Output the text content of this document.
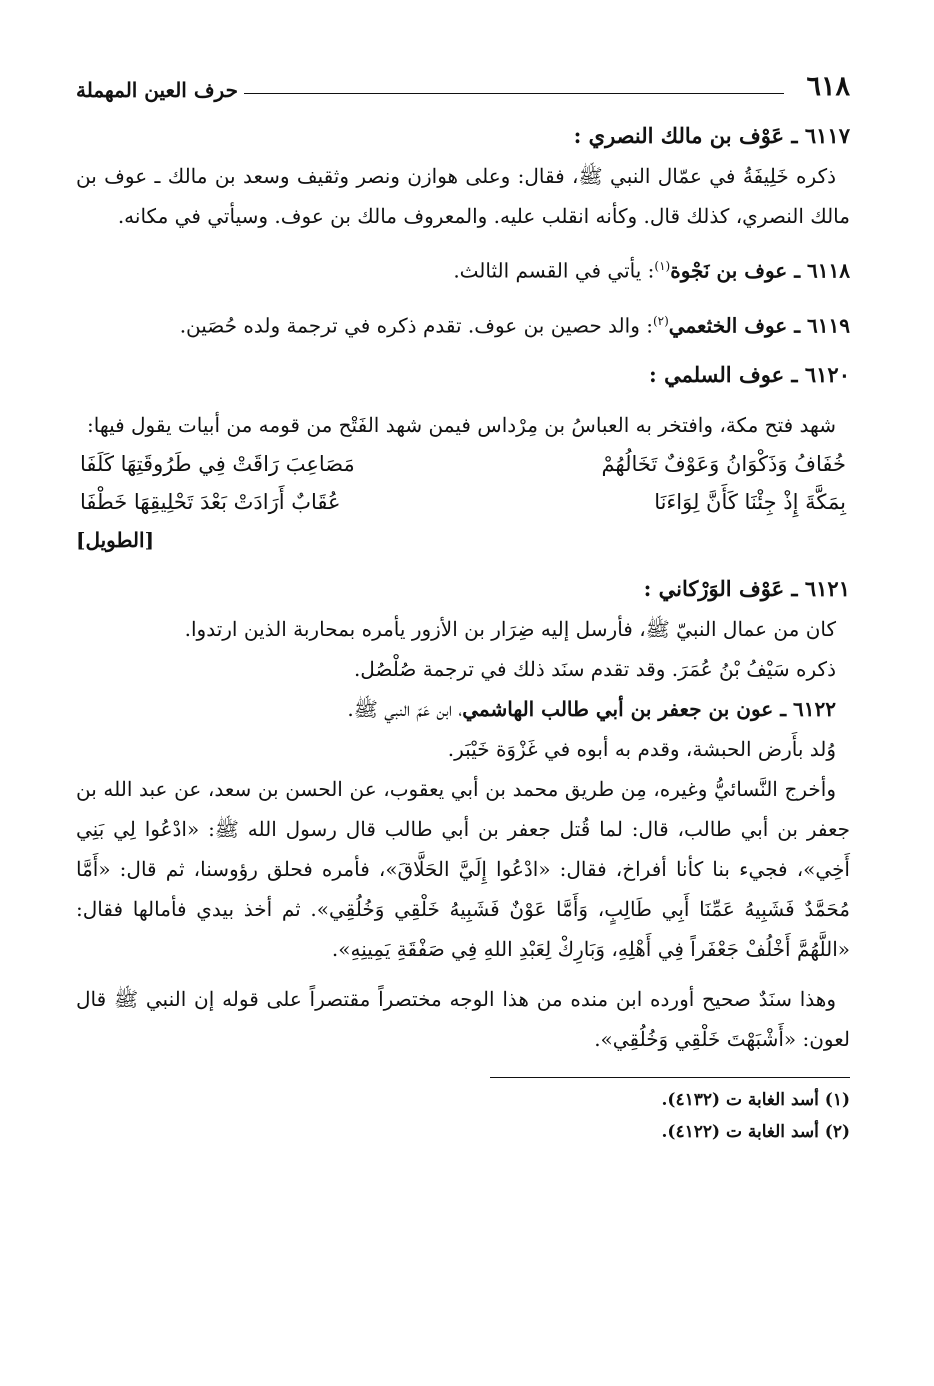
٦١٨
حرف العين المهملة

٦١١٧ ـ عَوْف بن مالك النصري :

ذكره خَلِيفَةُ في عمّال النبي ﷺ، فقال: وعلى هوازن ونصر وثقيف وسعد بن مالك ـ عوف بن مالك النصري، كذلك قال. وكأنه انقلب عليه. والمعروف مالك بن عوف. وسيأتي في مكانه.

٦١١٨ ـ عوف بن نَجْوة$^{(١)}$: يأتي في القسم الثالث.

٦١١٩ ـ عوف الخثعمي$^{(٢)}$: والد حصين بن عوف. تقدم ذكره في ترجمة ولده حُصَين.

٦١٢٠ ـ عوف السلمي :

شهد فتح مكة، وافتخر به العباسُ بن مِرْداس فيمن شهد الفَتْح من قومه من أبيات يقول فيها:

خُفَافُ وَذَكْوَانُ وَعَوْفٌ تَخَالُهُمْ
مَصَاعِبَ رَاقَتْ فِي طَرُوقَتِهَا كَلَفَا
بِمَكَّةَ إِذْ جِئْنَا كَأَنَّ لِوَاءَنَا
عُقَابٌ أَرَادَتْ بَعْدَ تَحْلِيقِهَا خَطْفَا
[الطويل]

٦١٢١ ـ عَوْف الوَرْكاني :

كان من عمال النبيّ ﷺ، فأرسل إليه ضِرَار بن الأزور يأمره بمحاربة الذين ارتدوا.

ذكره سَيْفُ بْنُ عُمَرَ. وقد تقدم سنَد ذلك في ترجمة صُلْصُل.

٦١٢٢ ـ عون بن جعفر بن أبي طالب الهاشمي، ابن عَمّ النبي ﷺ.

وُلد بأَرض الحبشة، وقدم به أبوه في غَزْوَة خَيْبَر.

وأخرج النَّسائيُّ وغيره، مِن طريق محمد بن أبي يعقوب، عن الحسن بن سعد، عن عبد الله بن جعفر بن أبي طالب، قال: لما قُتل جعفر بن أبي طالب قال رسول الله ﷺ: «ادْعُوا لِي بَنِي أَخِي»، فجيء بنا كأنا أفراخ، فقال: «ادْعُوا إِلَيَّ الحَلَّاقَ»، فأمره فحلق رؤوسنا، ثم قال: «أَمَّا مُحَمَّدٌ فَشَبِيهُ عَمِّنَا أَبِي طَالِبٍ، وَأَمَّا عَوْنٌ فَشَبِيهُ خَلْقِي وَخُلُقِي». ثم أخذ بيدي فأمالها فقال: «اللَّهُمَّ أَخْلُفْ جَعْفَراً فِي أَهْلِهِ، وَبَارِكْ لِعَبْدِ اللهِ فِي صَفْقَةِ يَمِينِهِ».

وهذا سنَدٌ صحيح أورده ابن منده من هذا الوجه مختصراً مقتصراً على قوله إن النبي ﷺ قال لعون: «أَشْبَهْتَ خَلْقِي وَخُلُقِي».

(١) أسد الغابة ت (٤١٣٢).

(٢) أسد الغابة ت (٤١٢٢).
